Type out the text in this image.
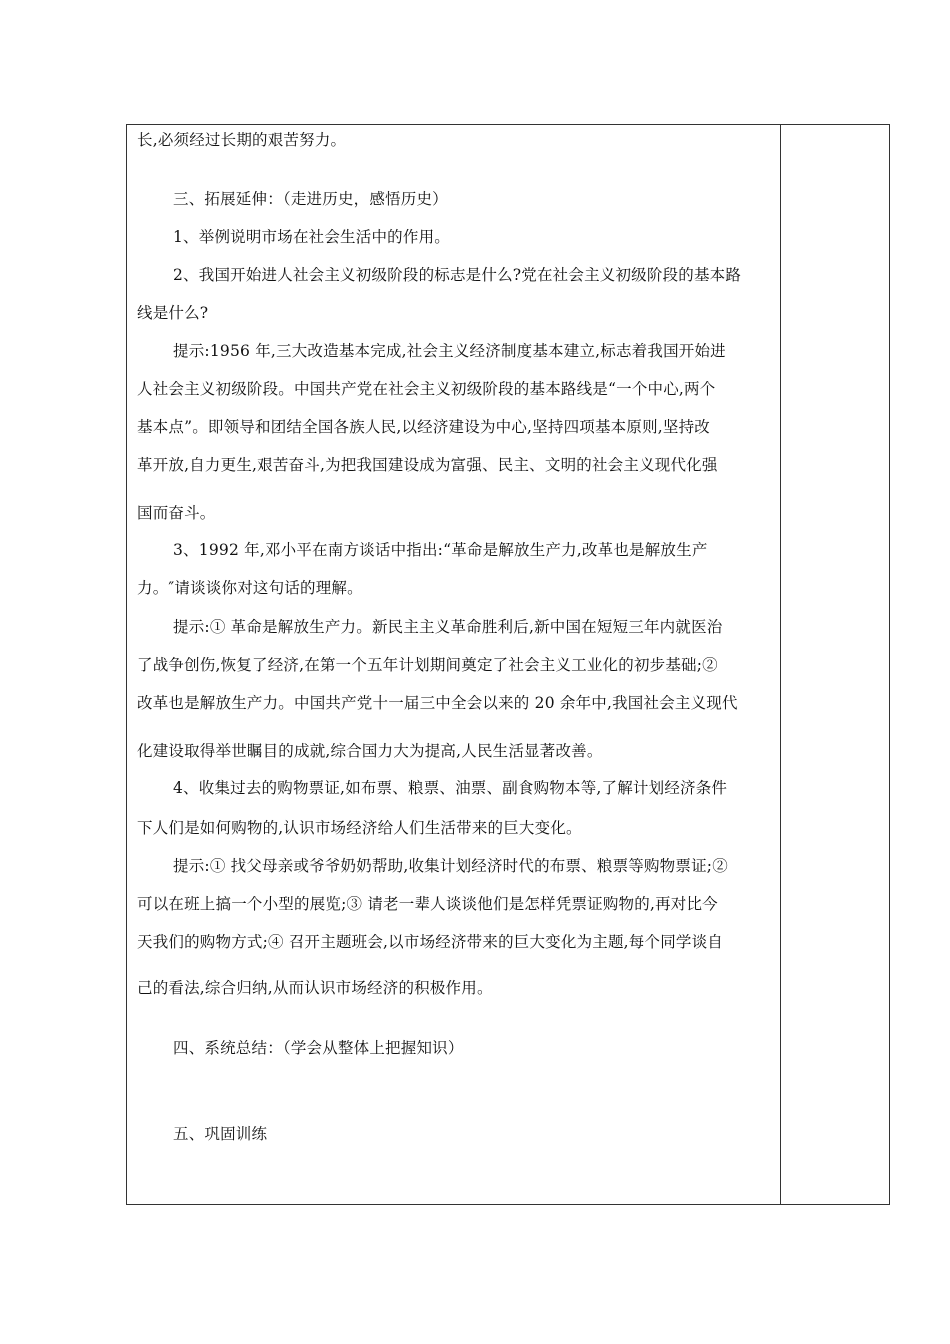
长,必须经过长期的艰苦努力。
三、拓展延伸：（走进历史，感悟历史）
1、举例说明市场在社会生活中的作用。
2、我国开始进人社会主义初级阶段的标志是什么?党在社会主义初级阶段的基本路
线是什么?
提示:1956 年,三大改造基本完成,社会主义经济制度基本建立,标志着我国开始进
人社会主义初级阶段。中国共产党在社会主义初级阶段的基本路线是“一个中心,两个
基本点”。即领导和团结全国各族人民,以经济建设为中心,坚持四项基本原则,坚持改
革开放,自力更生,艰苦奋斗,为把我国建设成为富强、民主、文明的社会主义现代化强
国而奋斗。
3、1992 年,邓小平在南方谈话中指出:“革命是解放生产力,改革也是解放生产
力。″请谈谈你对这句话的理解。
提示:① 革命是解放生产力。新民主主义革命胜利后,新中国在短短三年内就医治
了战争创伤,恢复了经济,在第一个五年计划期间奠定了社会主义工业化的初步基础;②
改革也是解放生产力。中国共产党十一届三中全会以来的 20 余年中,我国社会主义现代
化建设取得举世瞩目的成就,综合国力大为提高,人民生活显著改善。
4、收集过去的购物票证,如布票、粮票、油票、副食购物本等,了解计划经济条件
下人们是如何购物的,认识市场经济给人们生活带来的巨大变化。
提示:① 找父母亲或爷爷奶奶帮助,收集计划经济时代的布票、粮票等购物票证;②
可以在班上搞一个小型的展览;③ 请老一辈人谈谈他们是怎样凭票证购物的,再对比今
天我们的购物方式;④ 召开主题班会,以市场经济带来的巨大变化为主题,每个同学谈自
己的看法,综合归纳,从而认识市场经济的积极作用。
四、系统总结：（学会从整体上把握知识）
五、巩固训练
